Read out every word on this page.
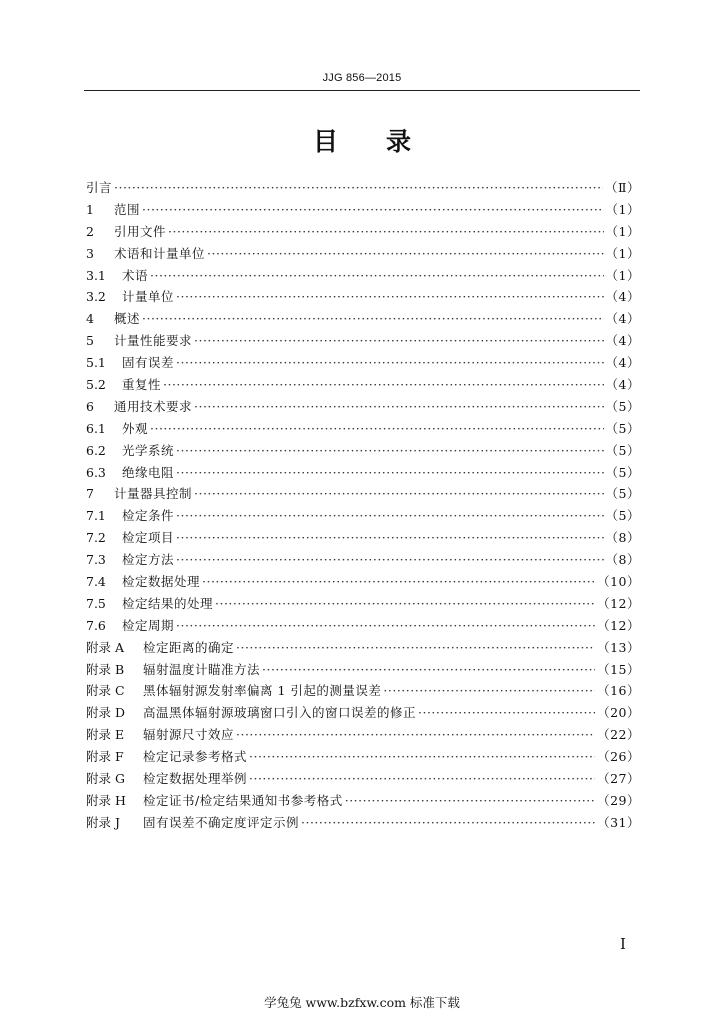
JJG 856—2015
目 录
引言 ·····	（Ⅱ）
1	范围 ·····	（1）
2	引用文件 ·····	（1）
3	术语和计量单位 ·····	（1）
3.1	术语 ·····	（1）
3.2	计量单位 ·····	（4）
4	概述 ·····	（4）
5	计量性能要求 ·····	（4）
5.1	固有误差 ·····	（4）
5.2	重复性 ·····	（4）
6	通用技术要求 ·····	（5）
6.1	外观 ·····	（5）
6.2	光学系统 ·····	（5）
6.3	绝缘电阻 ·····	（5）
7	计量器具控制 ·····	（5）
7.1	检定条件 ·····	（5）
7.2	检定项目 ·····	（8）
7.3	检定方法 ·····	（8）
7.4	检定数据处理 ·····	（10）
7.5	检定结果的处理 ·····	（12）
7.6	检定周期 ·····	（12）
附录 A	检定距离的确定 ·····	（13）
附录 B	辐射温度计瞄准方法 ·····	（15）
附录 C	黑体辐射源发射率偏离 1 引起的测量误差 ·····	（16）
附录 D	高温黑体辐射源玻璃窗口引入的窗口误差的修正 ·····	（20）
附录 E	辐射源尺寸效应 ·····	（22）
附录 F	检定记录参考格式 ·····	（26）
附录 G	检定数据处理举例 ·····	（27）
附录 H	检定证书/检定结果通知书参考格式 ·····	（29）
附录 J	固有误差不确定度评定示例 ·····	（31）
I
学兔兔 www.bzfxw.com 标准下载
